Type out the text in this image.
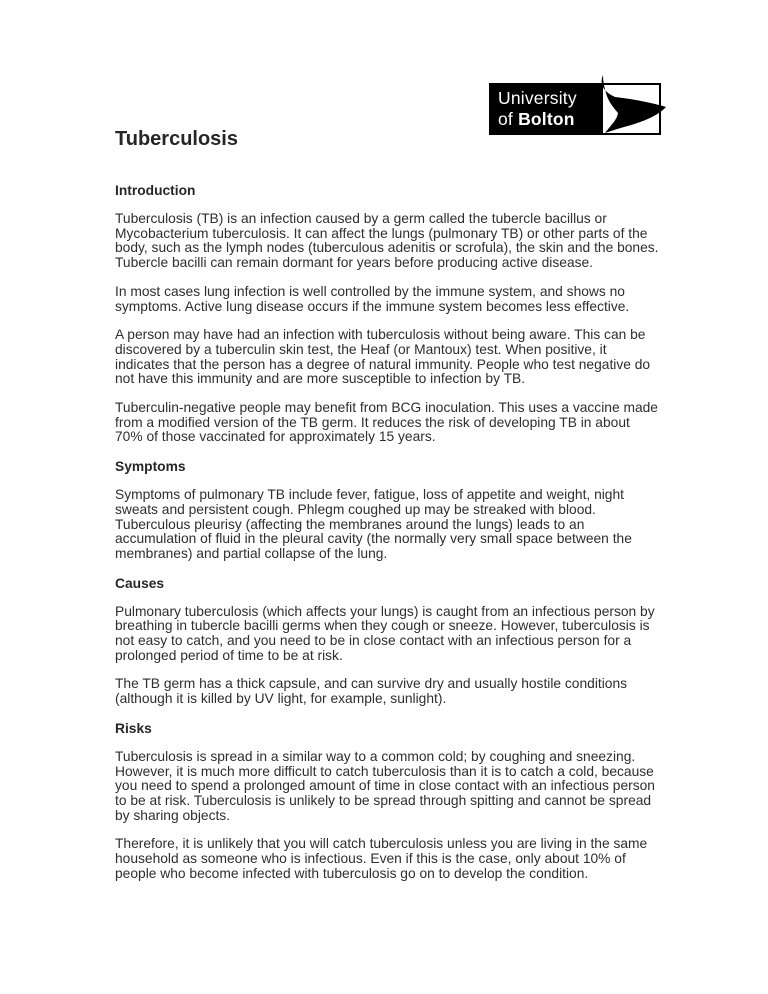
University
of Bolton
Tuberculosis
Introduction

Tuberculosis (TB) is an infection caused by a germ called the tubercle bacillus or Mycobacterium tuberculosis. It can affect the lungs (pulmonary TB) or other parts of the body, such as the lymph nodes (tuberculous adenitis or scrofula), the skin and the bones. Tubercle bacilli can remain dormant for years before producing active disease.

In most cases lung infection is well controlled by the immune system, and shows no symptoms. Active lung disease occurs if the immune system becomes less effective.

A person may have had an infection with tuberculosis without being aware. This can be discovered by a tuberculin skin test, the Heaf (or Mantoux) test. When positive, it indicates that the person has a degree of natural immunity. People who test negative do not have this immunity and are more susceptible to infection by TB.

Tuberculin-negative people may benefit from BCG inoculation. This uses a vaccine made from a modified version of the TB germ. It reduces the risk of developing TB in about 70% of those vaccinated for approximately 15 years.

Symptoms

Symptoms of pulmonary TB include fever, fatigue, loss of appetite and weight, night sweats and persistent cough. Phlegm coughed up may be streaked with blood. Tuberculous pleurisy (affecting the membranes around the lungs) leads to an accumulation of fluid in the pleural cavity (the normally very small space between the membranes) and partial collapse of the lung.

Causes

Pulmonary tuberculosis (which affects your lungs) is caught from an infectious person by breathing in tubercle bacilli germs when they cough or sneeze. However, tuberculosis is not easy to catch, and you need to be in close contact with an infectious person for a prolonged period of time to be at risk.

The TB germ has a thick capsule, and can survive dry and usually hostile conditions (although it is killed by UV light, for example, sunlight).

Risks

Tuberculosis is spread in a similar way to a common cold; by coughing and sneezing. However, it is much more difficult to catch tuberculosis than it is to catch a cold, because you need to spend a prolonged amount of time in close contact with an infectious person to be at risk. Tuberculosis is unlikely to be spread through spitting and cannot be spread by sharing objects.

Therefore, it is unlikely that you will catch tuberculosis unless you are living in the same household as someone who is infectious. Even if this is the case, only about 10% of people who become infected with tuberculosis go on to develop the condition.
